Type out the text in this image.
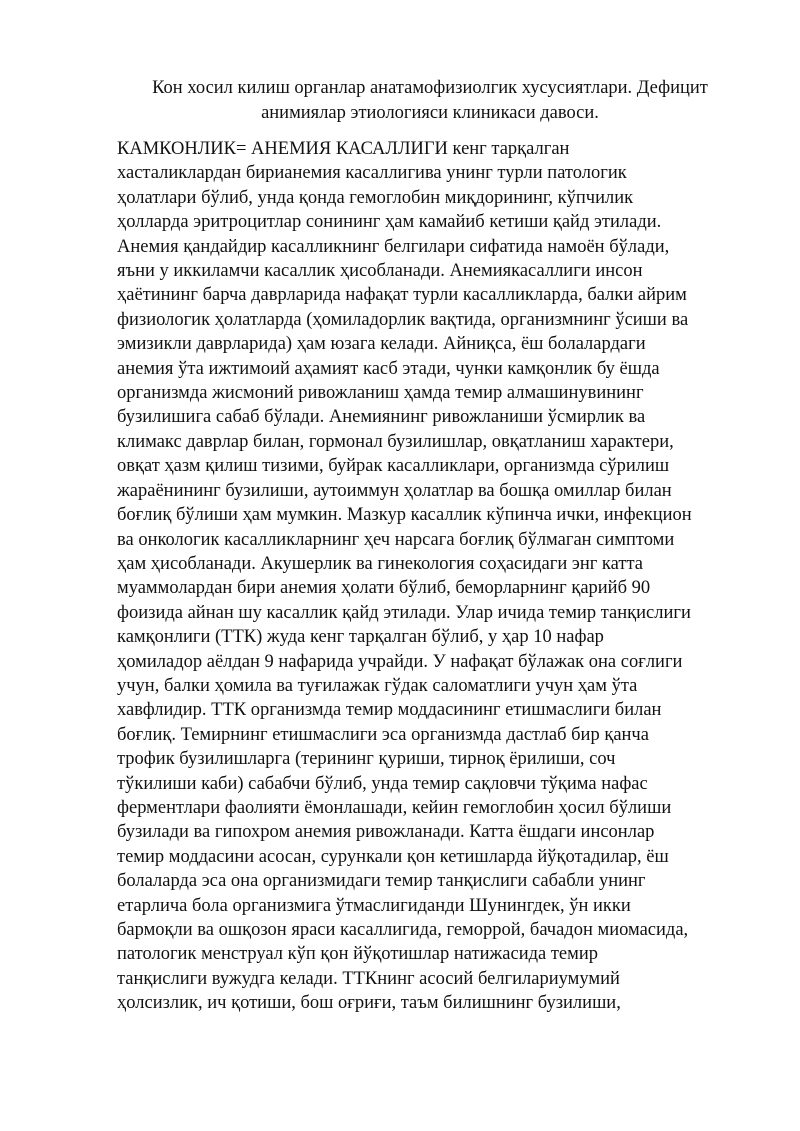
Кон хосил килиш органлар анатамофизиолгик хусусиятлари. Дефицит
анимиялар этиологияси клиникаси давоси.
КАМКОНЛИК= АНЕМИЯ КАСАЛЛИГИ кенг тарқалган
хасталиклардан бирианемия касаллигива унинг турли патологик
ҳолатлари бўлиб, унда қонда гемоглобин миқдорининг, кўпчилик
ҳолларда эритроцитлар сонининг ҳам камайиб кетиши қайд этилади.
Анемия қандайдир касалликнинг белгилари сифатида намоён бўлади,
яъни у иккиламчи касаллик ҳисобланади. Анемиякасаллиги инсон
ҳаётининг барча даврларида нафақат турли касалликларда, балки айрим
физиологик ҳолатларда (ҳомиладорлик вақтида, организмнинг ўсиши ва
эмизикли даврларида) ҳам юзага келади. Айниқса, ёш болалардаги
анемия ўта ижтимоий аҳамият касб этади, чунки камқонлик бу ёшда
организмда жисмоний ривожланиш ҳамда темир алмашинувининг
бузилишига сабаб бўлади. Анемиянинг ривожланиши ўсмирлик ва
климакс даврлар билан, гормонал бузилишлар, овқатланиш характери,
овқат ҳазм қилиш тизими, буйрак касалликлари, организмда сўрилиш
жараёнининг бузилиши, аутоиммун ҳолатлар ва бошқа омиллар билан
боғлиқ бўлиши ҳам мумкин. Мазкур касаллик кўпинча ички, инфекцион
ва онкологик касалликларнинг ҳеч нарсага боғлиқ бўлмаган симптоми
ҳам ҳисобланади. Акушерлик ва гинекология соҳасидаги энг катта
муаммолардан бири анемия ҳолати бўлиб, беморларнинг қарийб 90
фоизида айнан шу касаллик қайд этилади. Улар ичида темир танқислиги
камқонлиги (ТТК) жуда кенг тарқалган бўлиб, у ҳар 10 нафар
ҳомиладор аёлдан 9 нафарида учрайди. У нафақат бўлажак она соғлиги
учун, балки ҳомила ва туғилажак гўдак саломатлиги учун ҳам ўта
хавфлидир. ТТК организмда темир моддасининг етишмаслиги билан
боғлиқ. Темирнинг етишмаслиги эса организмда дастлаб бир қанча
трофик бузилишларга (терининг қуриши, тирноқ ёрилиши, соч
тўкилиши каби) сабабчи бўлиб, унда темир сақловчи тўқима нафас
ферментлари фаолияти ёмонлашади, кейин гемоглобин ҳосил бўлиши
бузилади ва гипохром анемия ривожланади. Катта ёшдаги инсонлар
темир моддасини асосан, сурункали қон кетишларда йўқотадилар, ёш
болаларда эса она организмидаги темир танқислиги сабабли унинг
етарлича бола организмига ўтмаслигиданди Шунингдек, ўн икки
бармоқли ва ошқозон яраси касаллигида, геморрой, бачадон миомасида,
патологик менструал кўп қон йўқотишлар натижасида темир
танқислиги вужудга келади. ТТКнинг асосий белгилариумумий
ҳолсизлик, ич қотиши, бош оғриғи, таъм билишнинг бузилиши,
